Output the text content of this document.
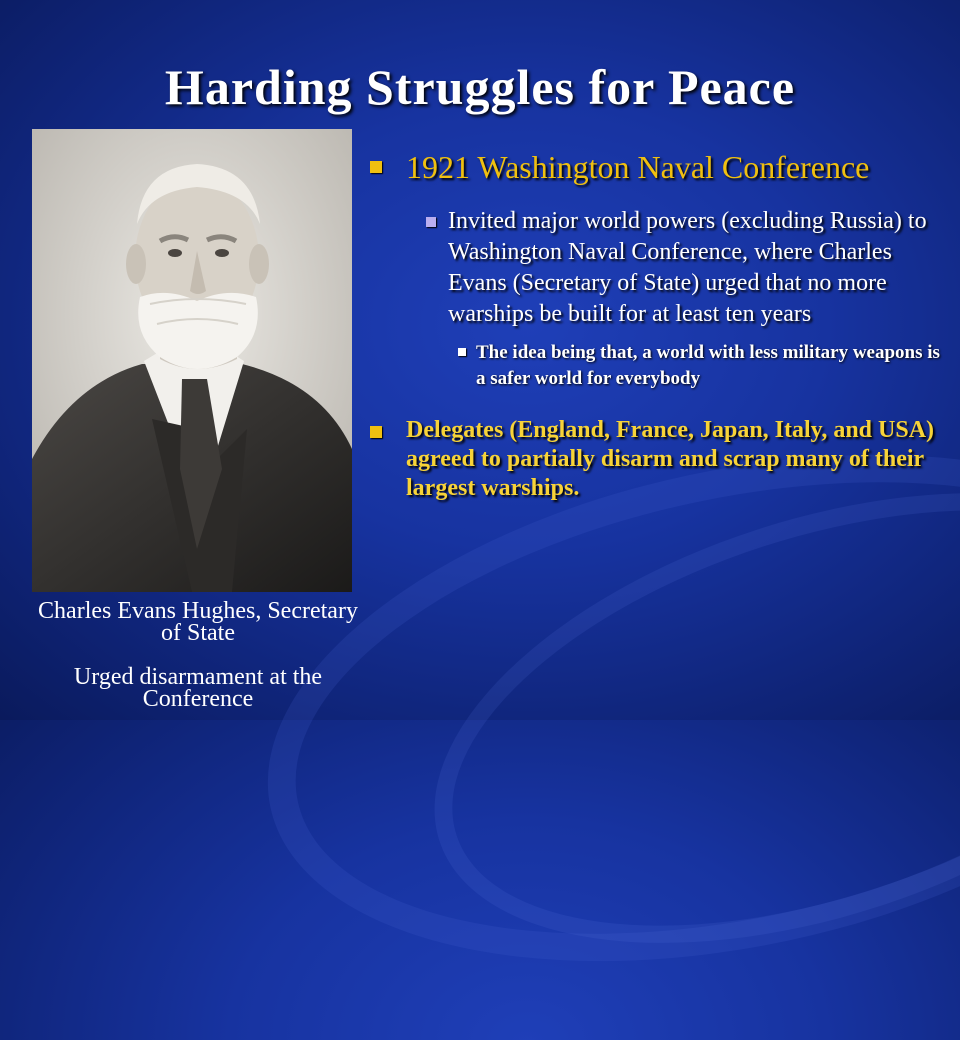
Harding Struggles for Peace
Charles Evans Hughes, Secretary of State
Urged disarmament at the Conference
1921 Washington Naval Conference
Invited major world powers (excluding Russia) to Washington Naval Conference, where Charles Evans (Secretary of State) urged that no more warships be built for at least ten years
The idea being that, a world with less military weapons is a safer world for everybody
Delegates (England, France, Japan, Italy, and USA) agreed to partially disarm and scrap many of their largest warships.
